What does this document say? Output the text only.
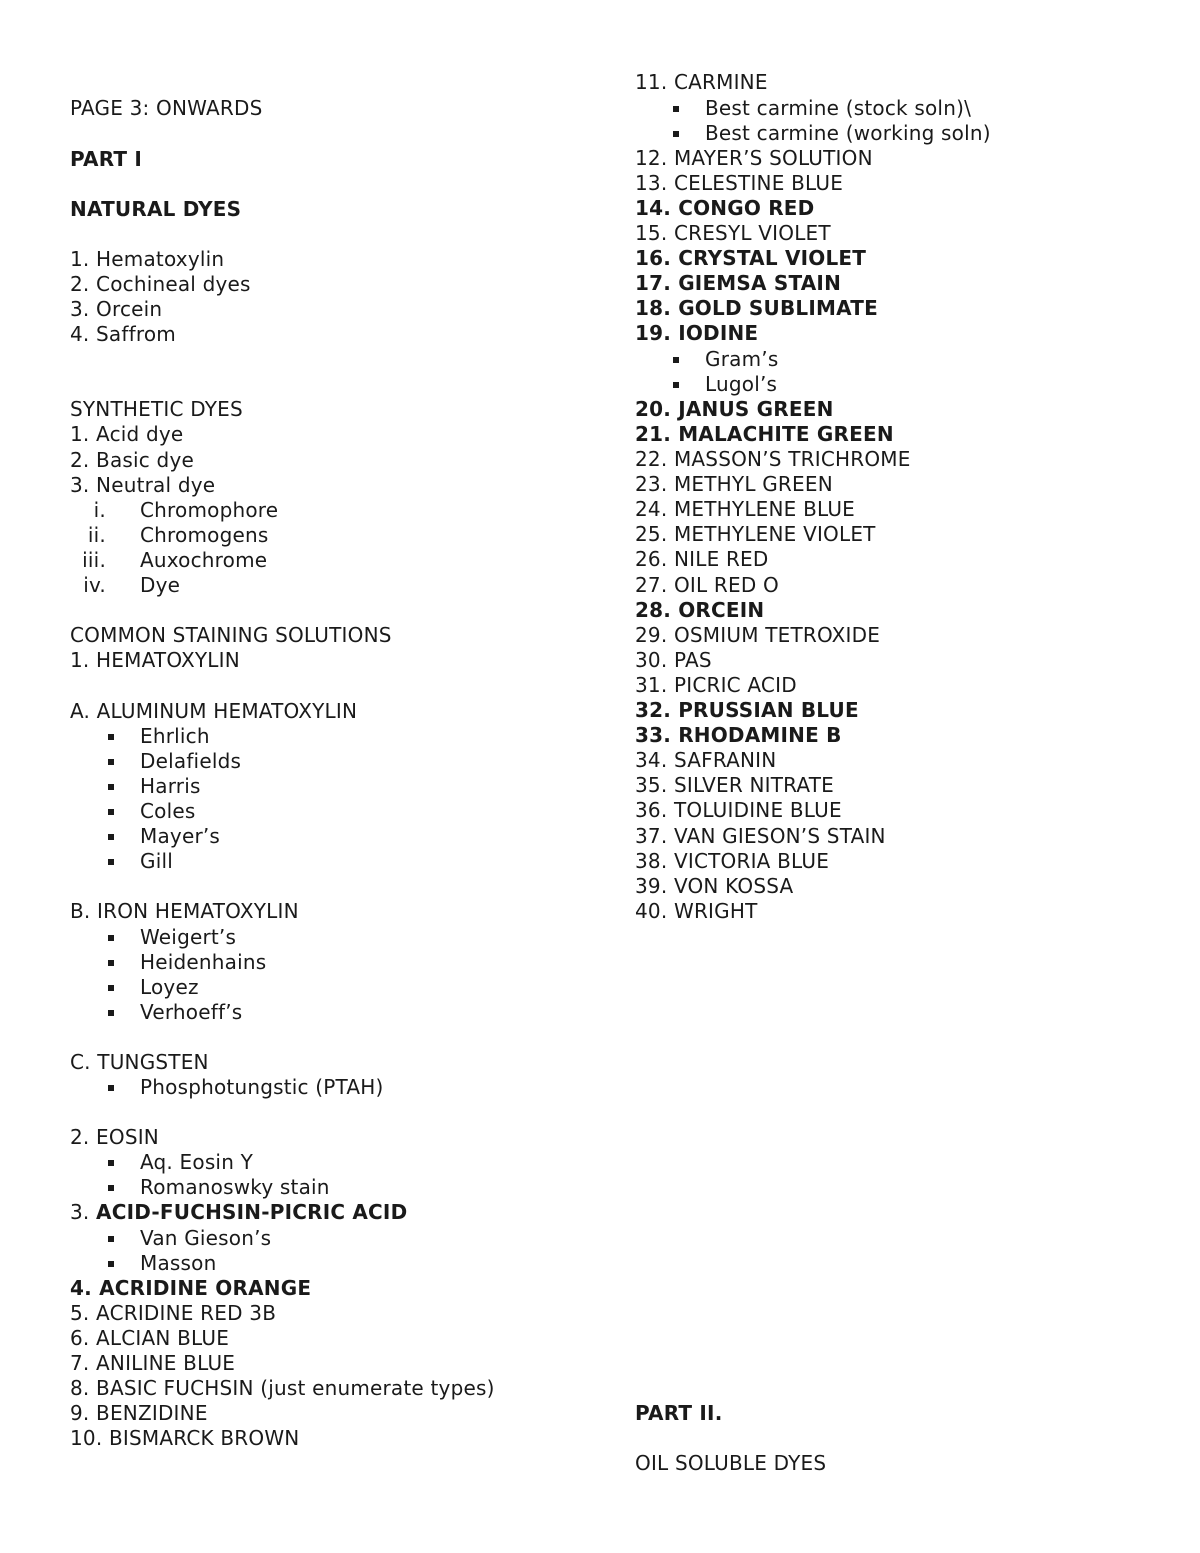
PAGE 3: ONWARDS
PART I
NATURAL DYES
1. Hematoxylin
2. Cochineal dyes
3. Orcein
4. Saffrom
SYNTHETIC DYES
1. Acid dye
2. Basic dye
3. Neutral dye
i. Chromophore
ii. Chromogens
iii. Auxochrome
iv. Dye
COMMON STAINING SOLUTIONS
1. HEMATOXYLIN
A. ALUMINUM HEMATOXYLIN
Ehrlich
Delafields
Harris
Coles
Mayer’s
Gill
B. IRON HEMATOXYLIN
Weigert’s
Heidenhains
Loyez
Verhoeff’s
C. TUNGSTEN
Phosphotungstic (PTAH)
2. EOSIN
Aq. Eosin Y
Romanoswky stain
3. ACID-FUCHSIN-PICRIC ACID
Van Gieson’s
Masson
4. ACRIDINE ORANGE
5. ACRIDINE RED 3B
6. ALCIAN BLUE
7. ANILINE BLUE
8. BASIC FUCHSIN (just enumerate types)
9. BENZIDINE
10. BISMARCK BROWN
11. CARMINE
Best carmine (stock soln)\
Best carmine (working soln)
12. MAYER’S SOLUTION
13. CELESTINE BLUE
14. CONGO RED
15. CRESYL VIOLET
16. CRYSTAL VIOLET
17. GIEMSA STAIN
18. GOLD SUBLIMATE
19. IODINE
Gram’s
Lugol’s
20. JANUS GREEN
21. MALACHITE GREEN
22. MASSON’S TRICHROME
23. METHYL GREEN
24. METHYLENE BLUE
25. METHYLENE VIOLET
26. NILE RED
27. OIL RED O
28. ORCEIN
29. OSMIUM TETROXIDE
30. PAS
31. PICRIC ACID
32. PRUSSIAN BLUE
33. RHODAMINE B
34. SAFRANIN
35. SILVER NITRATE
36. TOLUIDINE BLUE
37. VAN GIESON’S STAIN
38. VICTORIA BLUE
39. VON KOSSA
40. WRIGHT
PART II.
OIL SOLUBLE DYES
